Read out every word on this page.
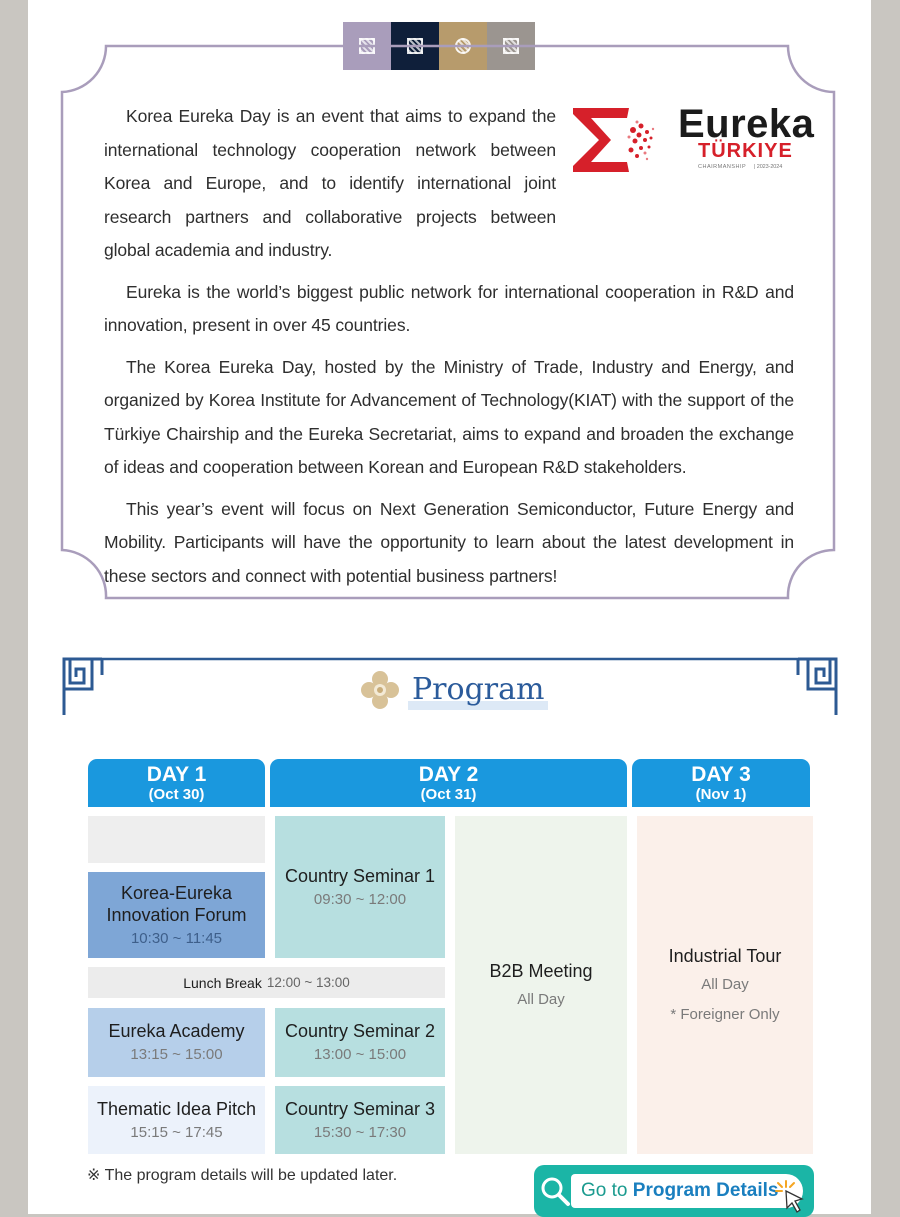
Eureka
TÜRKIYE
CHAIRMANSHIP	| 2023-2024
Korea Eureka Day is an event that aims to expand the international technology cooperation network between Korea and Europe, and to identify international joint research partners and collaborative projects between global academia and industry.

Eureka is the world’s biggest public network for international cooperation in R&D and innovation, present in over 45 countries.

The Korea Eureka Day, hosted by the Ministry of Trade, Industry and Energy, and organized by Korea Institute for Advancement of Technology(KIAT) with the support of the Türkiye Chairship and the Eureka Secretariat, aims to expand and broaden the exchange of ideas and cooperation between Korean and European R&D stakeholders.

This year’s event will focus on Next Generation Semiconductor, Future Energy and Mobility. Participants will have the opportunity to learn about the latest development in these sectors and connect with potential business partners!

Program
DAY 1
(Oct 30)
DAY 2
(Oct 31)
DAY 3
(Nov 1)
Korea-Eureka
Innovation Forum
10:30 ~ 11:45
Country Seminar 1
09:30 ~ 12:00
B2B Meeting
All Day
Industrial Tour
All Day
* Foreigner Only
Lunch Break 12:00 ~ 13:00
Eureka Academy
13:15 ~ 15:00
Country Seminar 2
13:00 ~ 15:00
Thematic Idea Pitch
15:15 ~ 17:45
Country Seminar 3
15:30 ~ 17:30
※ The program details will be updated later.
Go to Program Details
